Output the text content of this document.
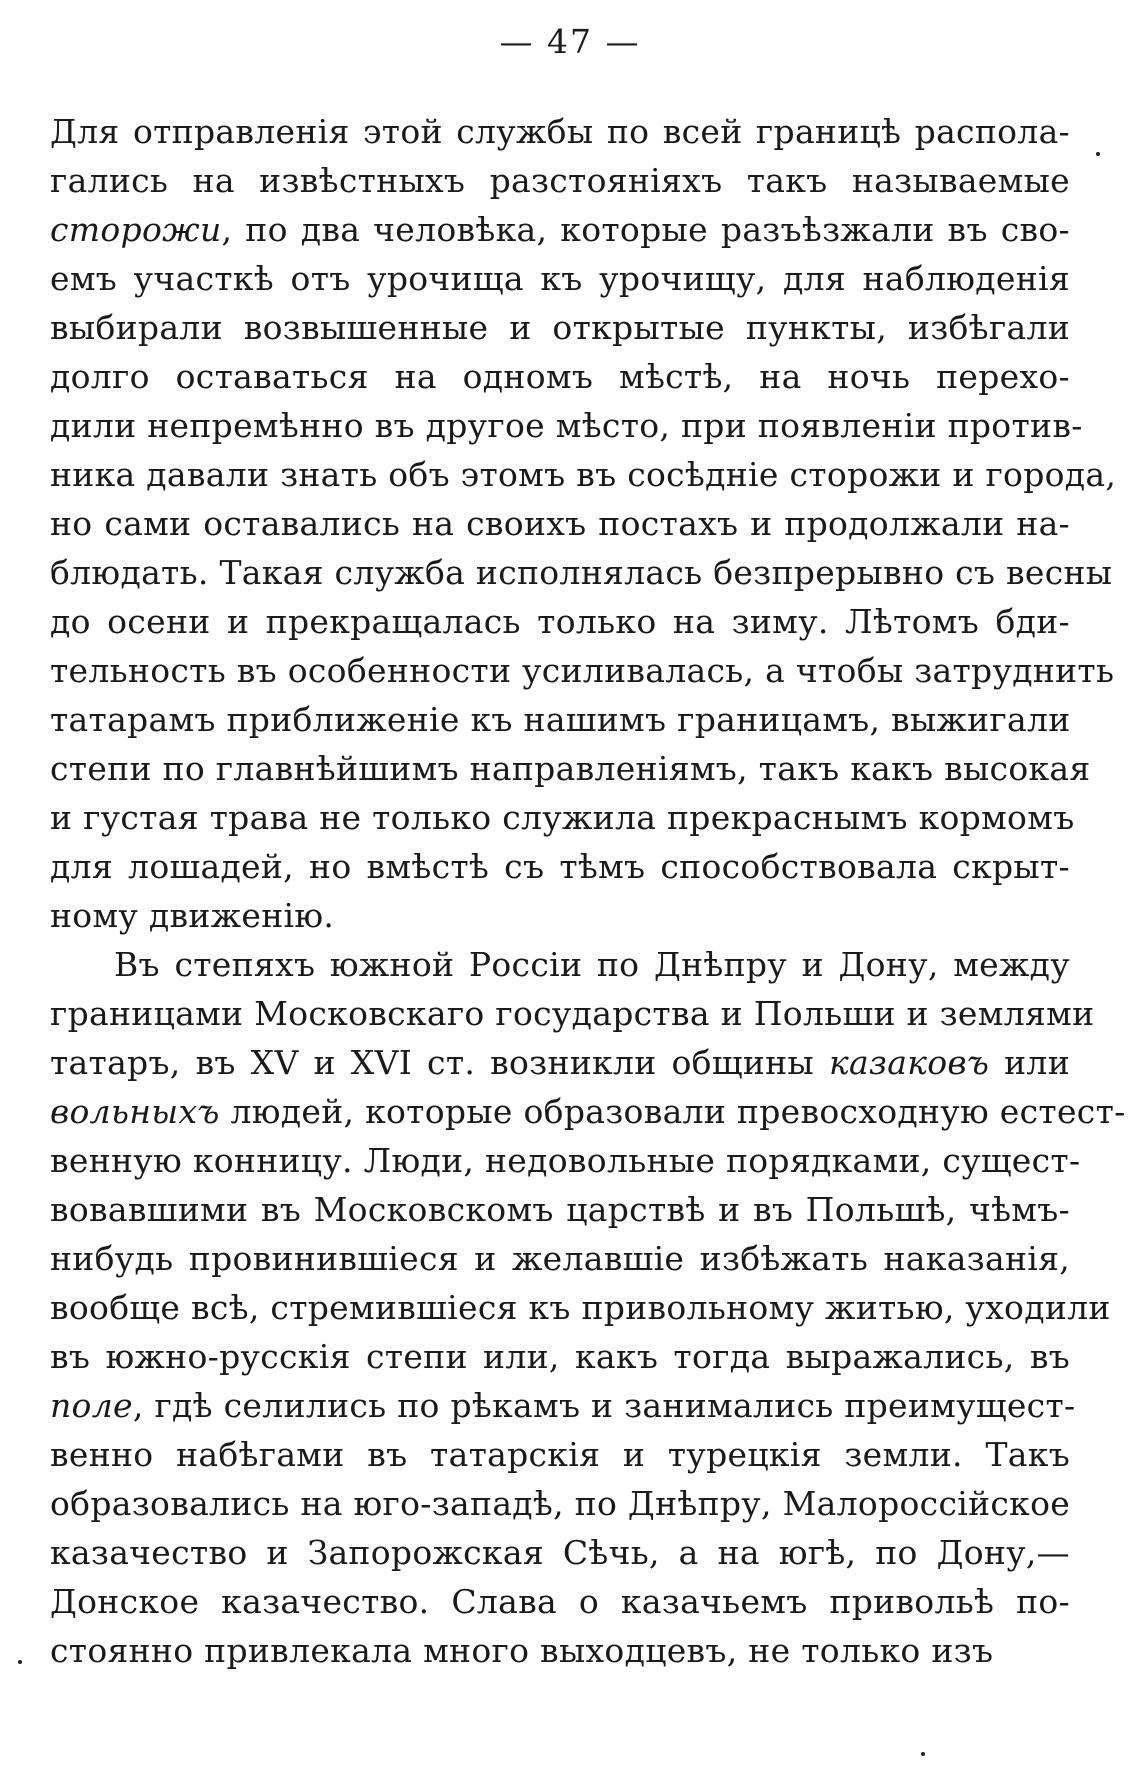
— 47 —
Для отправленія этой службы по всей границѣ распола-
гались на извѣстныхъ разстояніяхъ такъ называемые
сторожи, по два человѣка, которые разъѣзжали въ сво-
емъ участкѣ отъ урочища къ урочищу, для наблюденія
выбирали возвышенные и открытые пункты, избѣгали
долго оставаться на одномъ мѣстѣ, на ночь перехо-
дили непремѣнно въ другое мѣсто, при появленіи против-
ника давали знать объ этомъ въ сосѣдніе сторожи и города,
но сами оставались на своихъ постахъ и продолжали на-
блюдать. Такая служба исполнялась безпрерывно съ весны
до осени и прекращалась только на зиму. Лѣтомъ бди-
тельность въ особенности усиливалась, а чтобы затруднить
татарамъ приближеніе къ нашимъ границамъ, выжигали
степи по главнѣйшимъ направленіямъ, такъ какъ высокая
и густая трава не только служила прекраснымъ кормомъ
для лошадей, но вмѣстѣ съ тѣмъ способствовала скрыт-
ному движенію.
Въ степяхъ южной Россіи по Днѣпру и Дону, между
границами Московскаго государства и Польши и землями
татаръ, въ XV и XVI ст. возникли общины казаковъ или
вольныхъ людей, которые образовали превосходную естест-
венную конницу. Люди, недовольные порядками, сущест-
вовавшими въ Московскомъ царствѣ и въ Польшѣ, чѣмъ-
нибудь провинившіеся и желавшіе избѣжать наказанія,
вообще всѣ, стремившіеся къ привольному житью, уходили
въ южно-русскія степи или, какъ тогда выражались, въ
поле, гдѣ селились по рѣкамъ и занимались преимущест-
венно набѣгами въ татарскія и турецкія земли. Такъ
образовались на юго-западѣ, по Днѣпру, Малороссійское
казачество и Запорожская Сѣчь, а на югѣ, по Дону,—
Донское казачество. Слава о казачьемъ привольѣ по-
стоянно привлекала много выходцевъ, не только изъ
